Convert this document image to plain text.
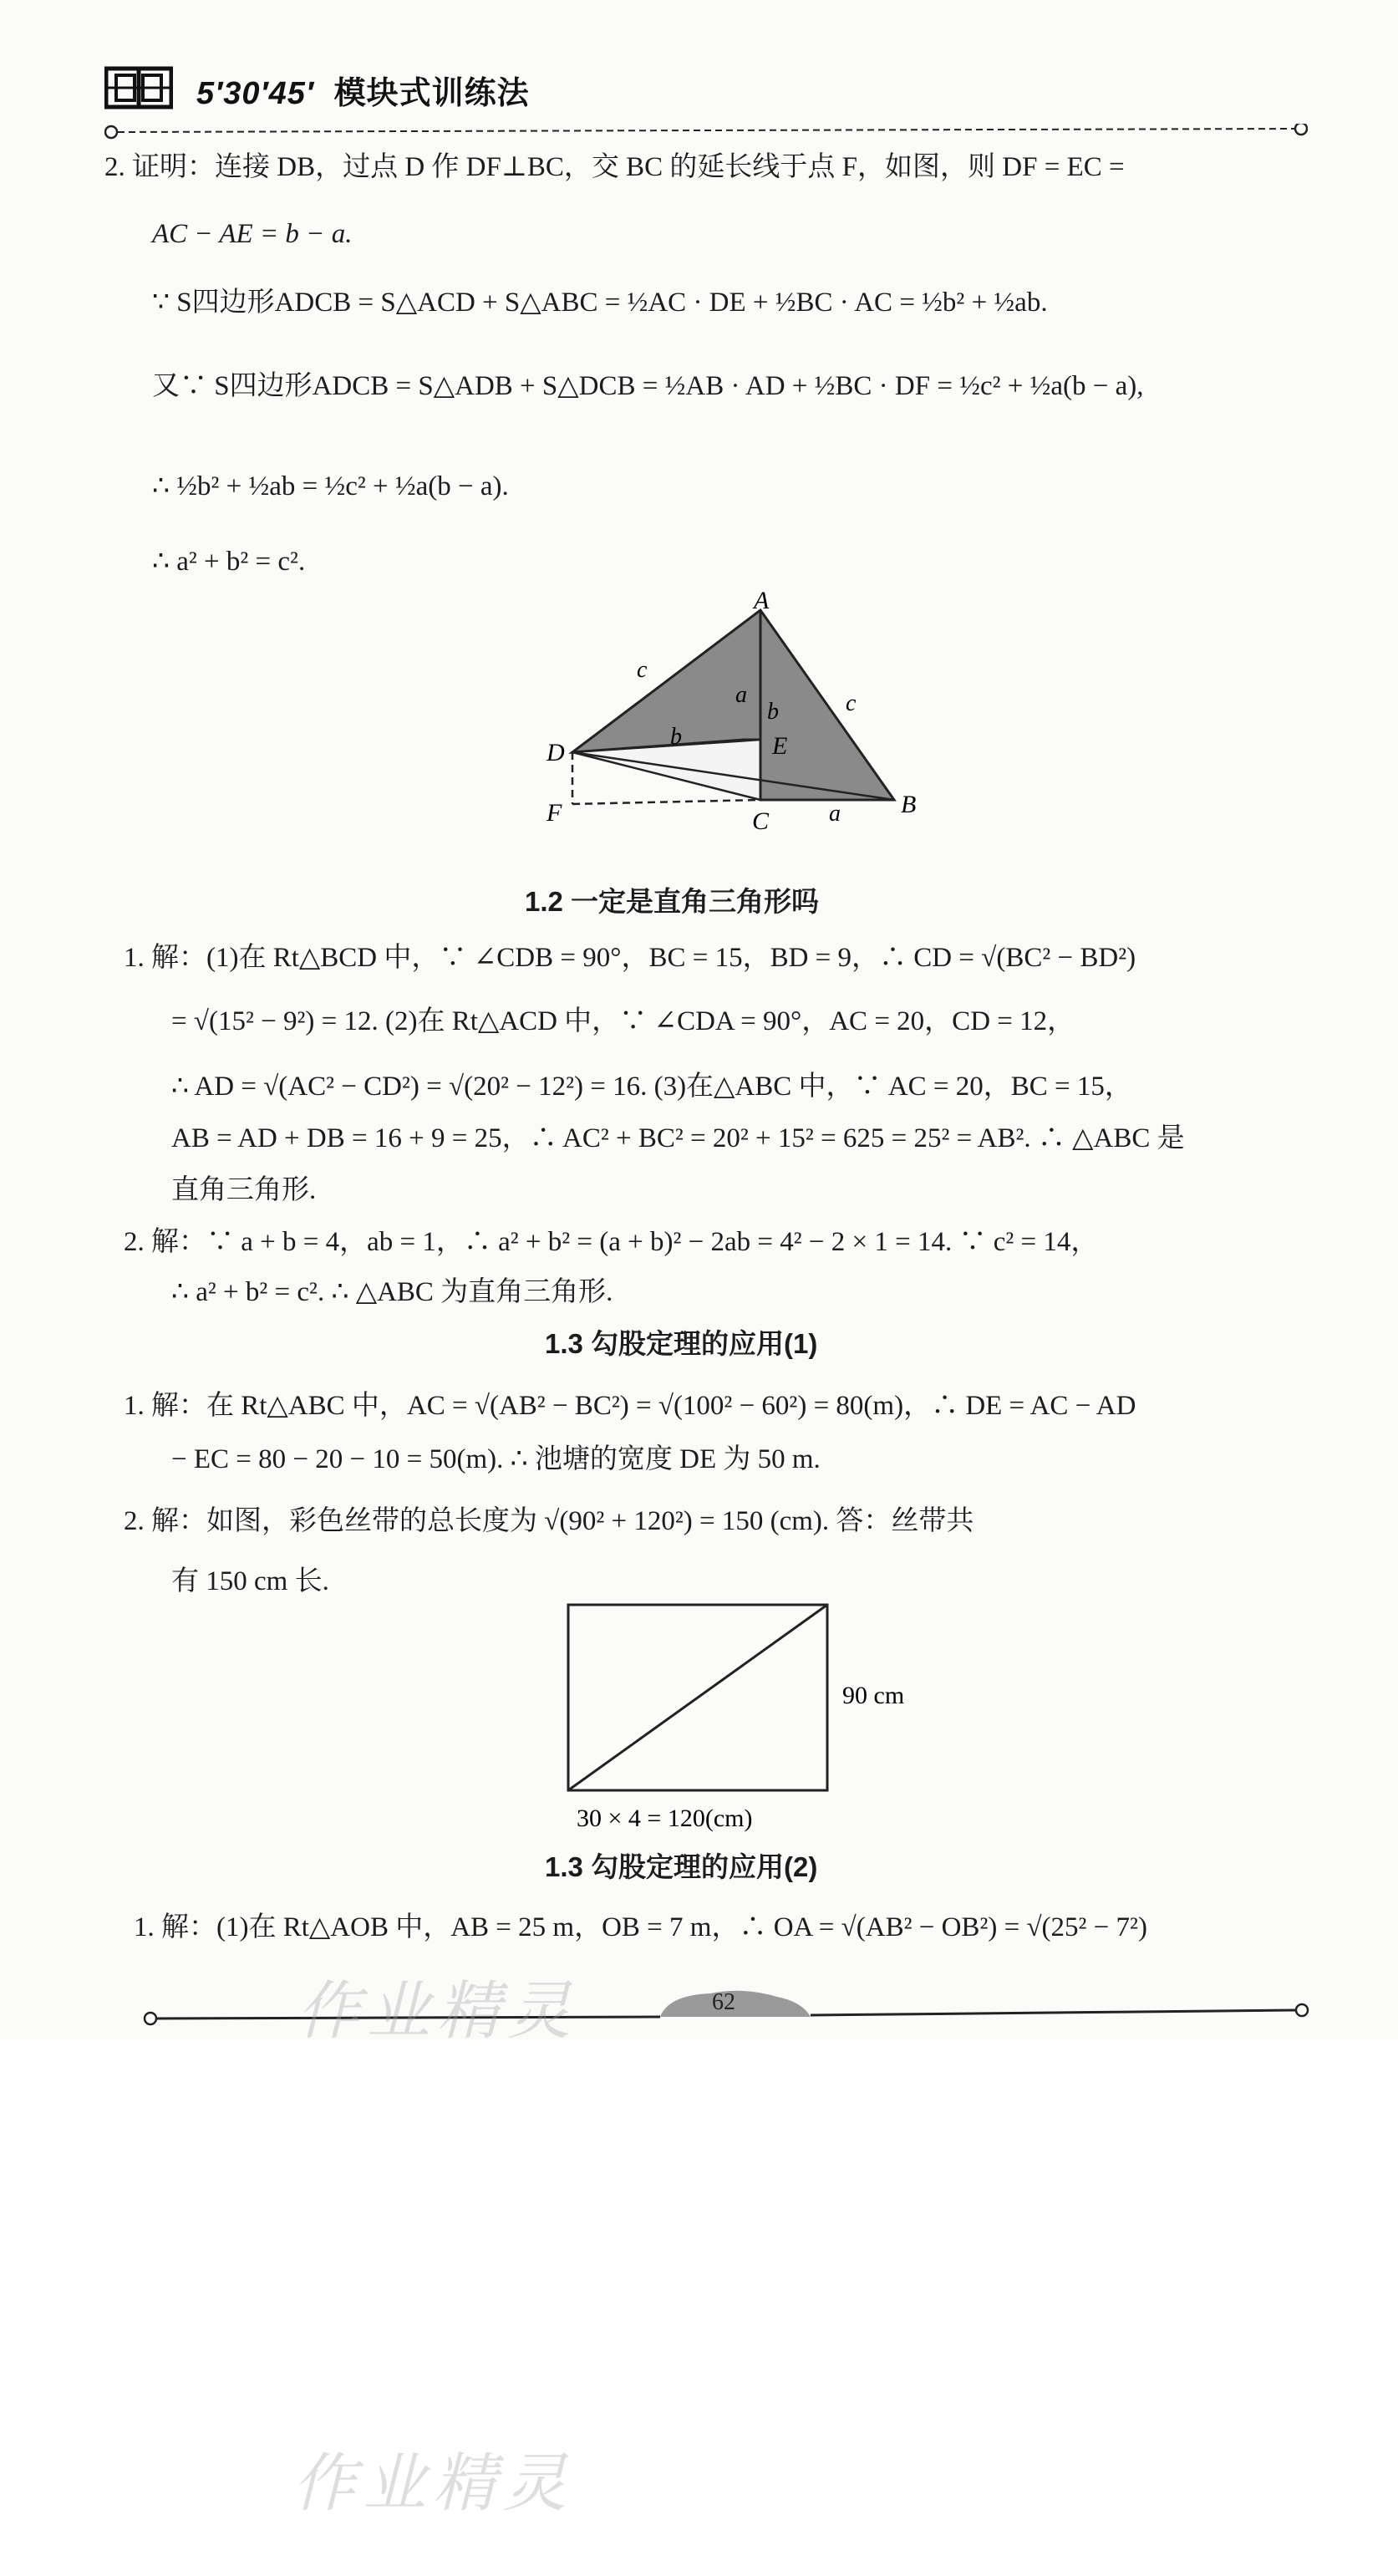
5′30′45′ 模块式训练法
2. 证明：连接 DB，过点 D 作 DF⊥BC，交 BC 的延长线于点 F，如图，则 DF = EC =
AC − AE = b − a.
∵ S四边形ADCB = S△ACD + S△ABC = ½AC · DE + ½BC · AC = ½b² + ½ab.
又∵ S四边形ADCB = S△ADB + S△DCB = ½AB · AD + ½BC · DF = ½c² + ½a(b − a),
∴ ½b² + ½ab = ½c² + ½a(b − a).
∴ a² + b² = c².
A
B
C
D	E
F
c
c
a
b
b
a
1.2 一定是直角三角形吗
1. 解：(1)在 Rt△BCD 中，∵ ∠CDB = 90°，BC = 15，BD = 9，∴ CD = √(BC² − BD²)
= √(15² − 9²) = 12. (2)在 Rt△ACD 中，∵ ∠CDA = 90°，AC = 20，CD = 12，
∴ AD = √(AC² − CD²) = √(20² − 12²) = 16. (3)在△ABC 中，∵ AC = 20，BC = 15，
AB = AD + DB = 16 + 9 = 25，∴ AC² + BC² = 20² + 15² = 625 = 25² = AB². ∴ △ABC 是
直角三角形.
2. 解：∵ a + b = 4，ab = 1，∴ a² + b² = (a + b)² − 2ab = 4² − 2 × 1 = 14. ∵ c² = 14，
∴ a² + b² = c². ∴ △ABC 为直角三角形.
1.3 勾股定理的应用(1)
1. 解：在 Rt△ABC 中，AC = √(AB² − BC²) = √(100² − 60²) = 80(m)，∴ DE = AC − AD
− EC = 80 − 20 − 10 = 50(m). ∴ 池塘的宽度 DE 为 50 m.
2. 解：如图，彩色丝带的总长度为 √(90² + 120²) = 150 (cm). 答：丝带共
有 150 cm 长.
90 cm
30 × 4 = 120(cm)
1.3 勾股定理的应用(2)
1. 解：(1)在 Rt△AOB 中，AB = 25 m，OB = 7 m，∴ OA = √(AB² − OB²) = √(25² − 7²)
62
作业精灵
作业精灵
